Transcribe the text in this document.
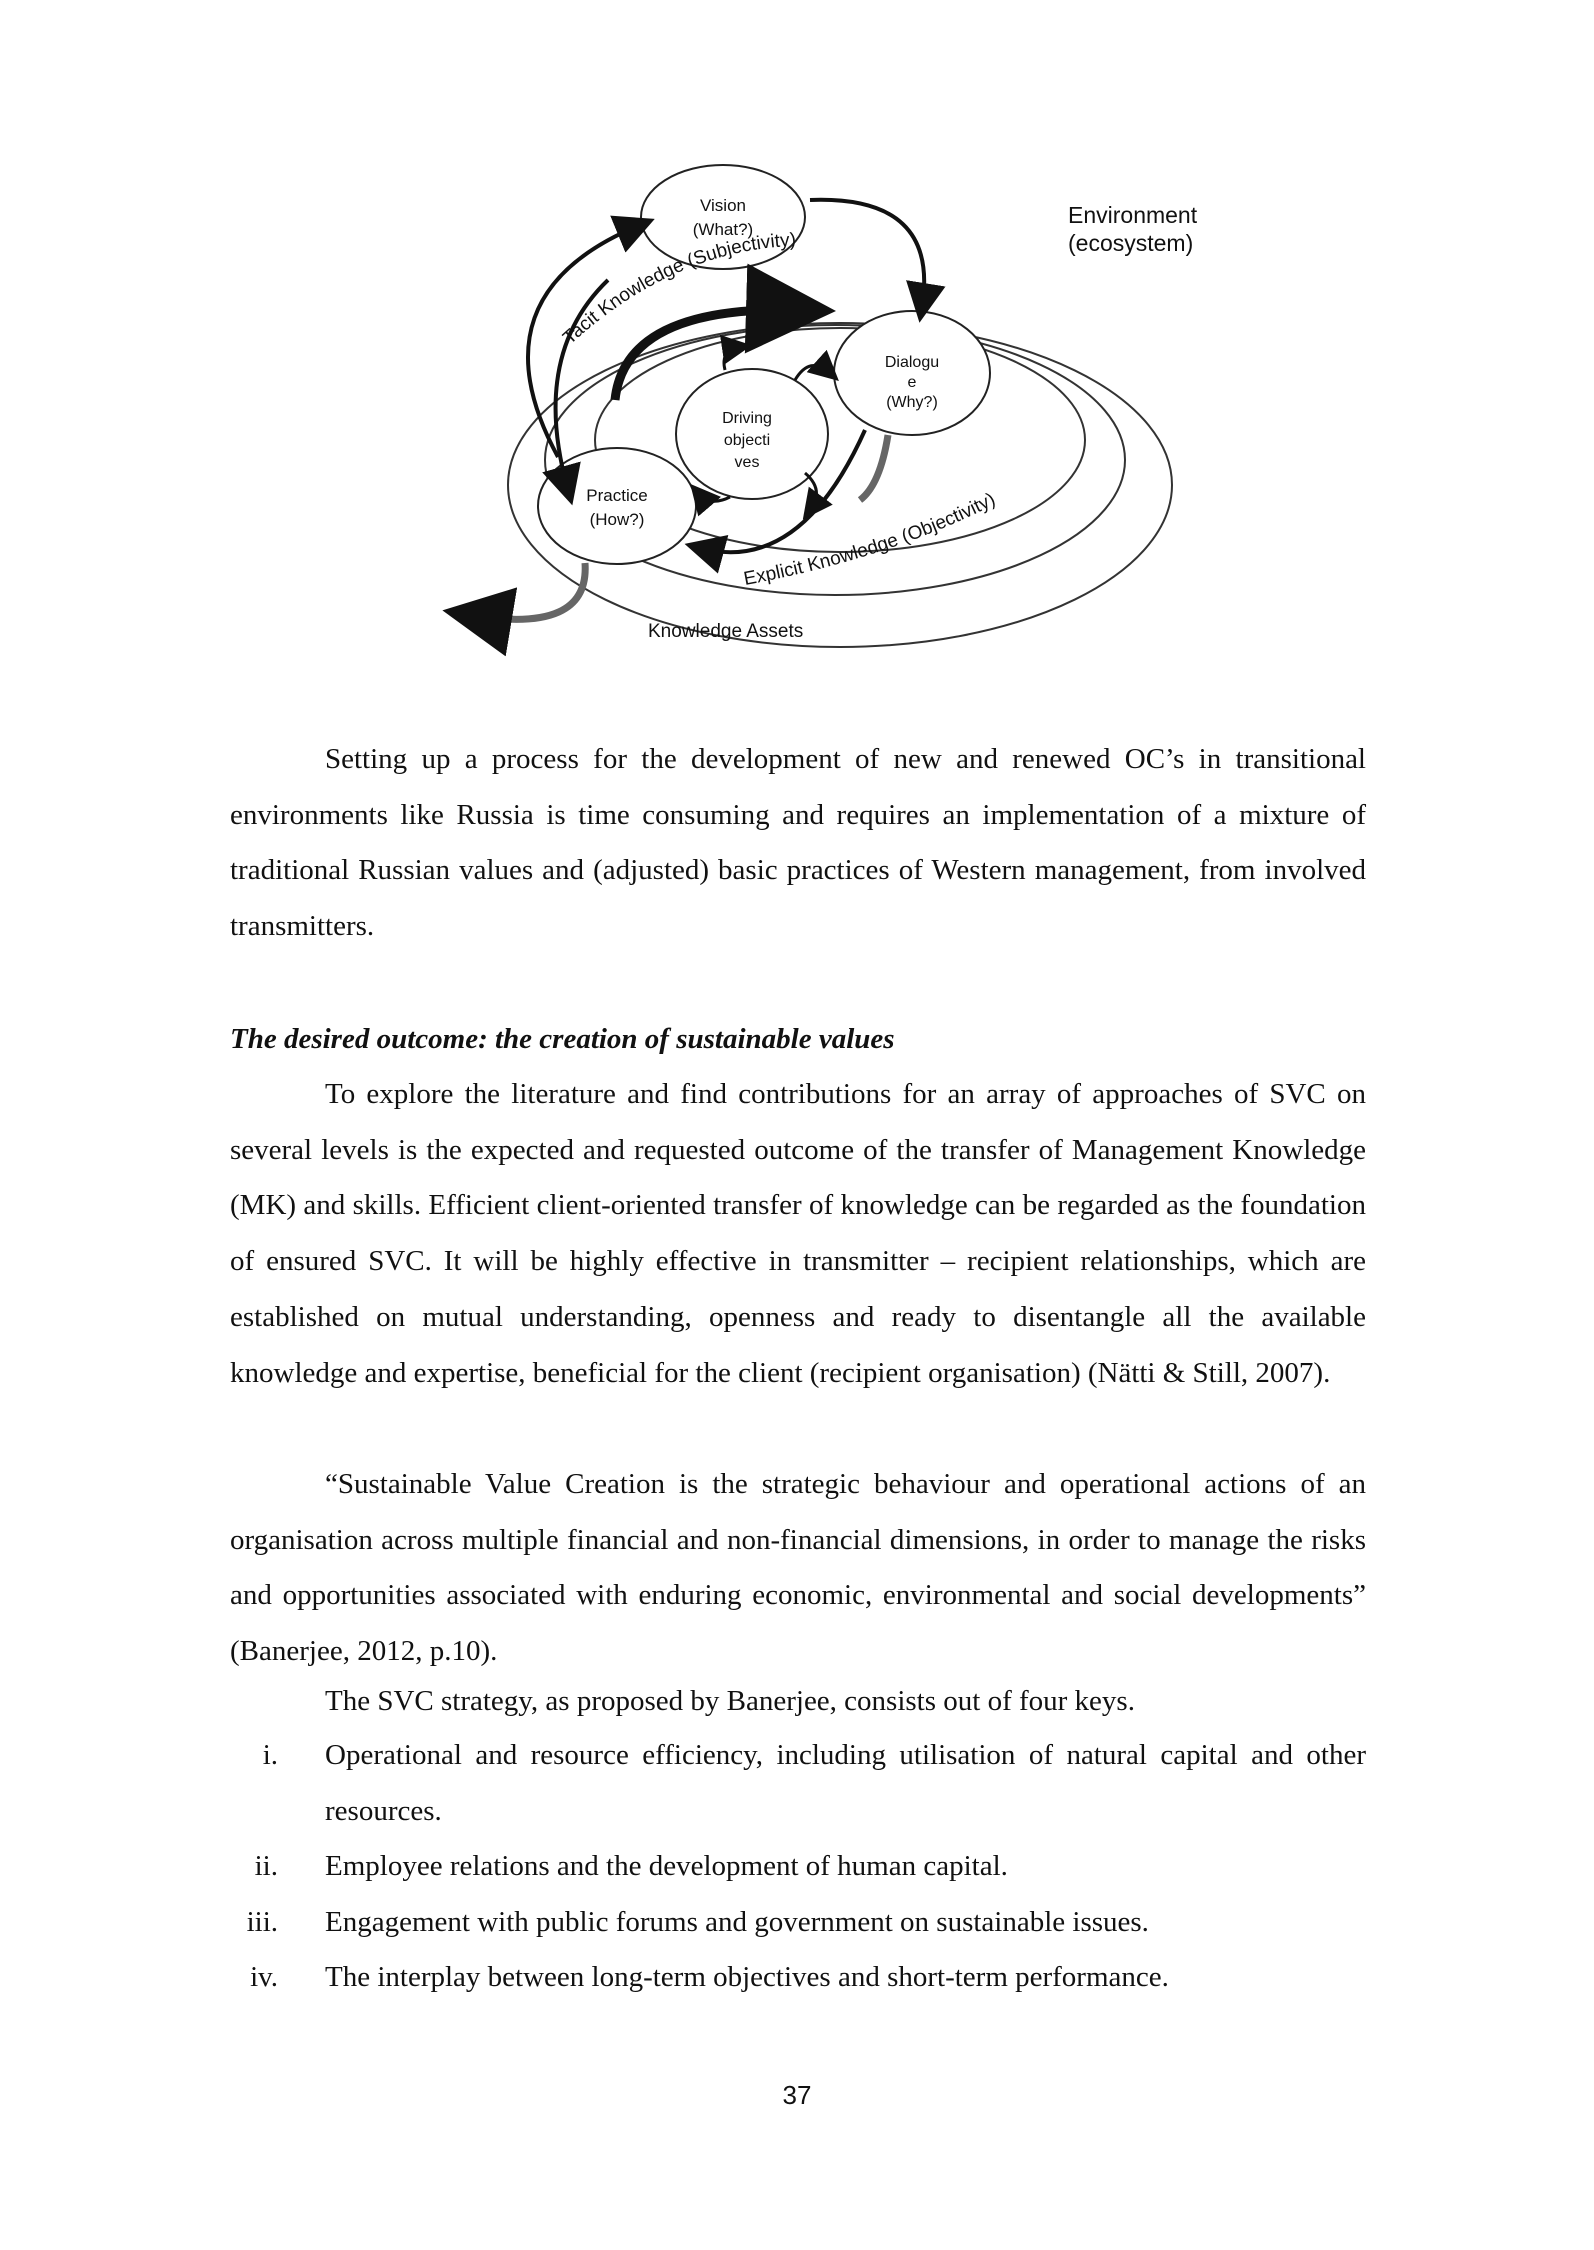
Environment
(ecosystem)
Knowledge Assets
Tacit Knowledge (Subjectivity)
Explicit Knowledge (Objectivity)
Vision
(What?)
Dialogu
e
(Why?)
Driving
objecti
ves
Practice
(How?)

Setting up a process for the development of new and renewed OC’s in transitional environments like Russia is time consuming and requires an implementation of a mixture of traditional Russian values and (adjusted) basic practices of Western management, from involved transmitters.

The desired outcome: the creation of sustainable values

To explore the literature and find contributions for an array of approaches of SVC on several levels is the expected and requested outcome of the transfer of Management Knowledge (MK) and skills. Efficient client-oriented transfer of knowledge can be regarded as the foundation of ensured SVC. It will be highly effective in transmitter – recipient relationships, which are established on mutual understanding, openness and ready to disentangle all the available knowledge and expertise, beneficial for the client (recipient organisation) (Nätti & Still, 2007).

“Sustainable Value Creation is the strategic behaviour and operational actions of an organisation across multiple financial and non-financial dimensions, in order to manage the risks and opportunities associated with enduring economic, environmental and social developments” (Banerjee, 2012, p.10).

The SVC strategy, as proposed by Banerjee, consists out of four keys.

i.	Operational and resource efficiency, including utilisation of natural capital and other resources.
ii.	Employee relations and the development of human capital.
iii.	Engagement with public forums and government on sustainable issues.
iv.	The interplay between long-term objectives and short-term performance.
37
